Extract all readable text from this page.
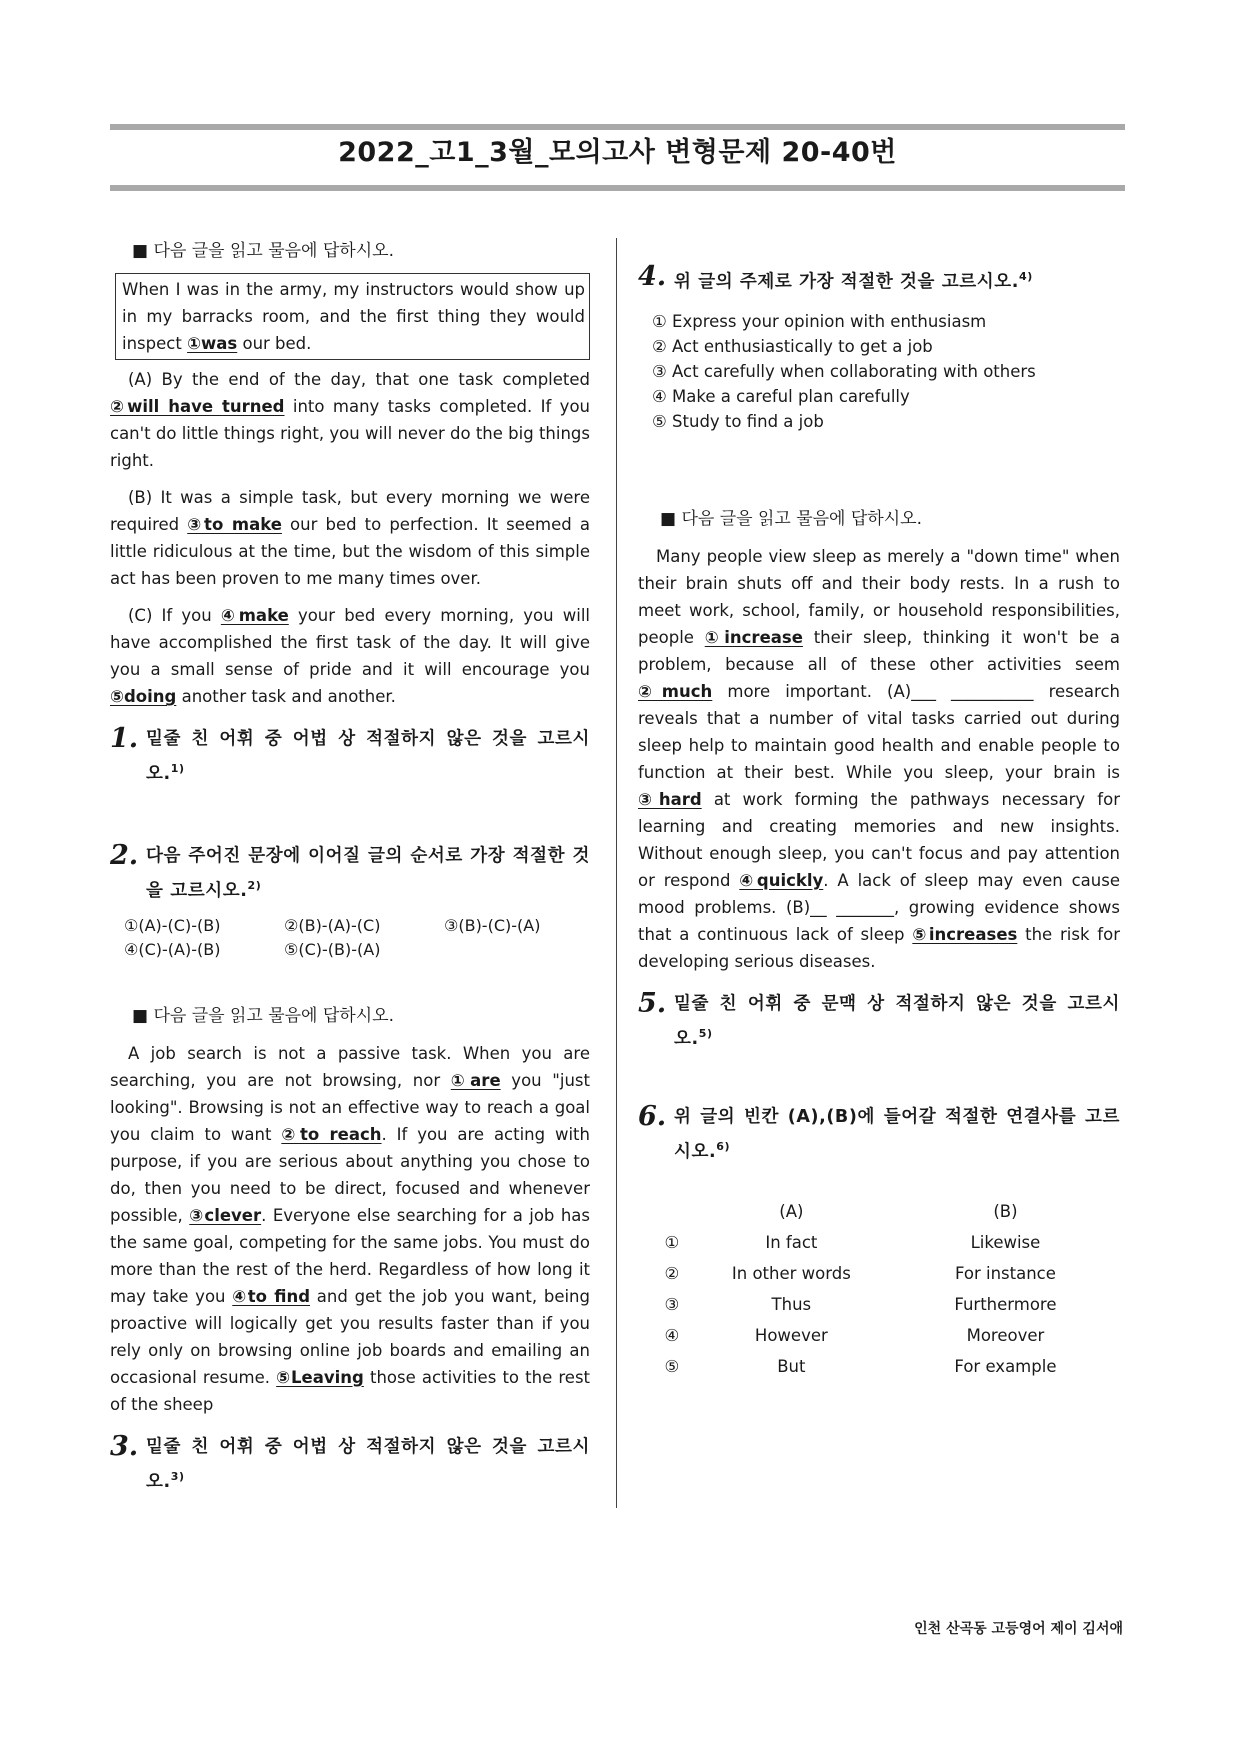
2022_고1_3월_모의고사 변형문제 20-40번
■ 다음 글을 읽고 물음에 답하시오.
When I was in the army, my instructors would show up in my barracks room, and the first thing they would inspect ①was our bed.
(A) By the end of the day, that one task completed ②will have turned into many tasks completed. If you can't do little things right, you will never do the big things right.
(B) It was a simple task, but every morning we were required ③to make our bed to perfection. It seemed a little ridiculous at the time, but the wisdom of this simple act has been proven to me many times over.
(C) If you ④make your bed every morning, you will have accomplished the first task of the day. It will give you a small sense of pride and it will encourage you ⑤doing another task and another.
1. 밑줄 친 어휘 중 어법 상 적절하지 않은 것을 고르시오.$^{1)}$
2. 다음 주어진 문장에 이어질 글의 순서로 가장 적절한 것을 고르시오.$^{2)}$
①(A)-(C)-(B)	②(B)-(A)-(C)	③(B)-(C)-(A)
④(C)-(A)-(B)	⑤(C)-(B)-(A)
■ 다음 글을 읽고 물음에 답하시오.
A job search is not a passive task. When you are searching, you are not browsing, nor ①are you "just looking". Browsing is not an effective way to reach a goal you claim to want ②to reach. If you are acting with purpose, if you are serious about anything you chose to do, then you need to be direct, focused and whenever possible, ③clever. Everyone else searching for a job has the same goal, competing for the same jobs. You must do more than the rest of the herd. Regardless of how long it may take you ④to find and get the job you want, being proactive will logically get you results faster than if you rely only on browsing online job boards and emailing an occasional resume. ⑤Leaving those activities to the rest of the sheep
3. 밑줄 친 어휘 중 어법 상 적절하지 않은 것을 고르시오.$^{3)}$
4. 위 글의 주제로 가장 적절한 것을 고르시오.$^{4)}$
① Express your opinion with enthusiasm
② Act enthusiastically to get a job
③ Act carefully when collaborating with others
④ Make a careful plan carefully
⑤ Study to find a job
■ 다음 글을 읽고 물음에 답하시오.
Many people view sleep as merely a "down time" when their brain shuts off and their body rests. In a rush to meet work, school, family, or household responsibilities, people ①increase their sleep, thinking it won't be a problem, because all of these other activities seem ②much more important. (A)___ __________ research reveals that a number of vital tasks carried out during sleep help to maintain good health and enable people to function at their best. While you sleep, your brain is ③hard at work forming the pathways necessary for learning and creating memories and new insights. Without enough sleep, you can't focus and pay attention or respond ④quickly. A lack of sleep may even cause mood problems. (B)__ _______, growing evidence shows that a continuous lack of sleep ⑤increases the risk for developing serious diseases.
5. 밑줄 친 어휘 중 문맥 상 적절하지 않은 것을 고르시오.$^{5)}$
6. 위 글의 빈칸 (A),(B)에 들어갈 적절한 연결사를 고르시오.$^{6)}$
	(A)	(B)
①	In fact	Likewise
②	In other words	For instance
③	Thus	Furthermore
④	However	Moreover
⑤	But	For example
인천 산곡동 고등영어 제이 김서애
